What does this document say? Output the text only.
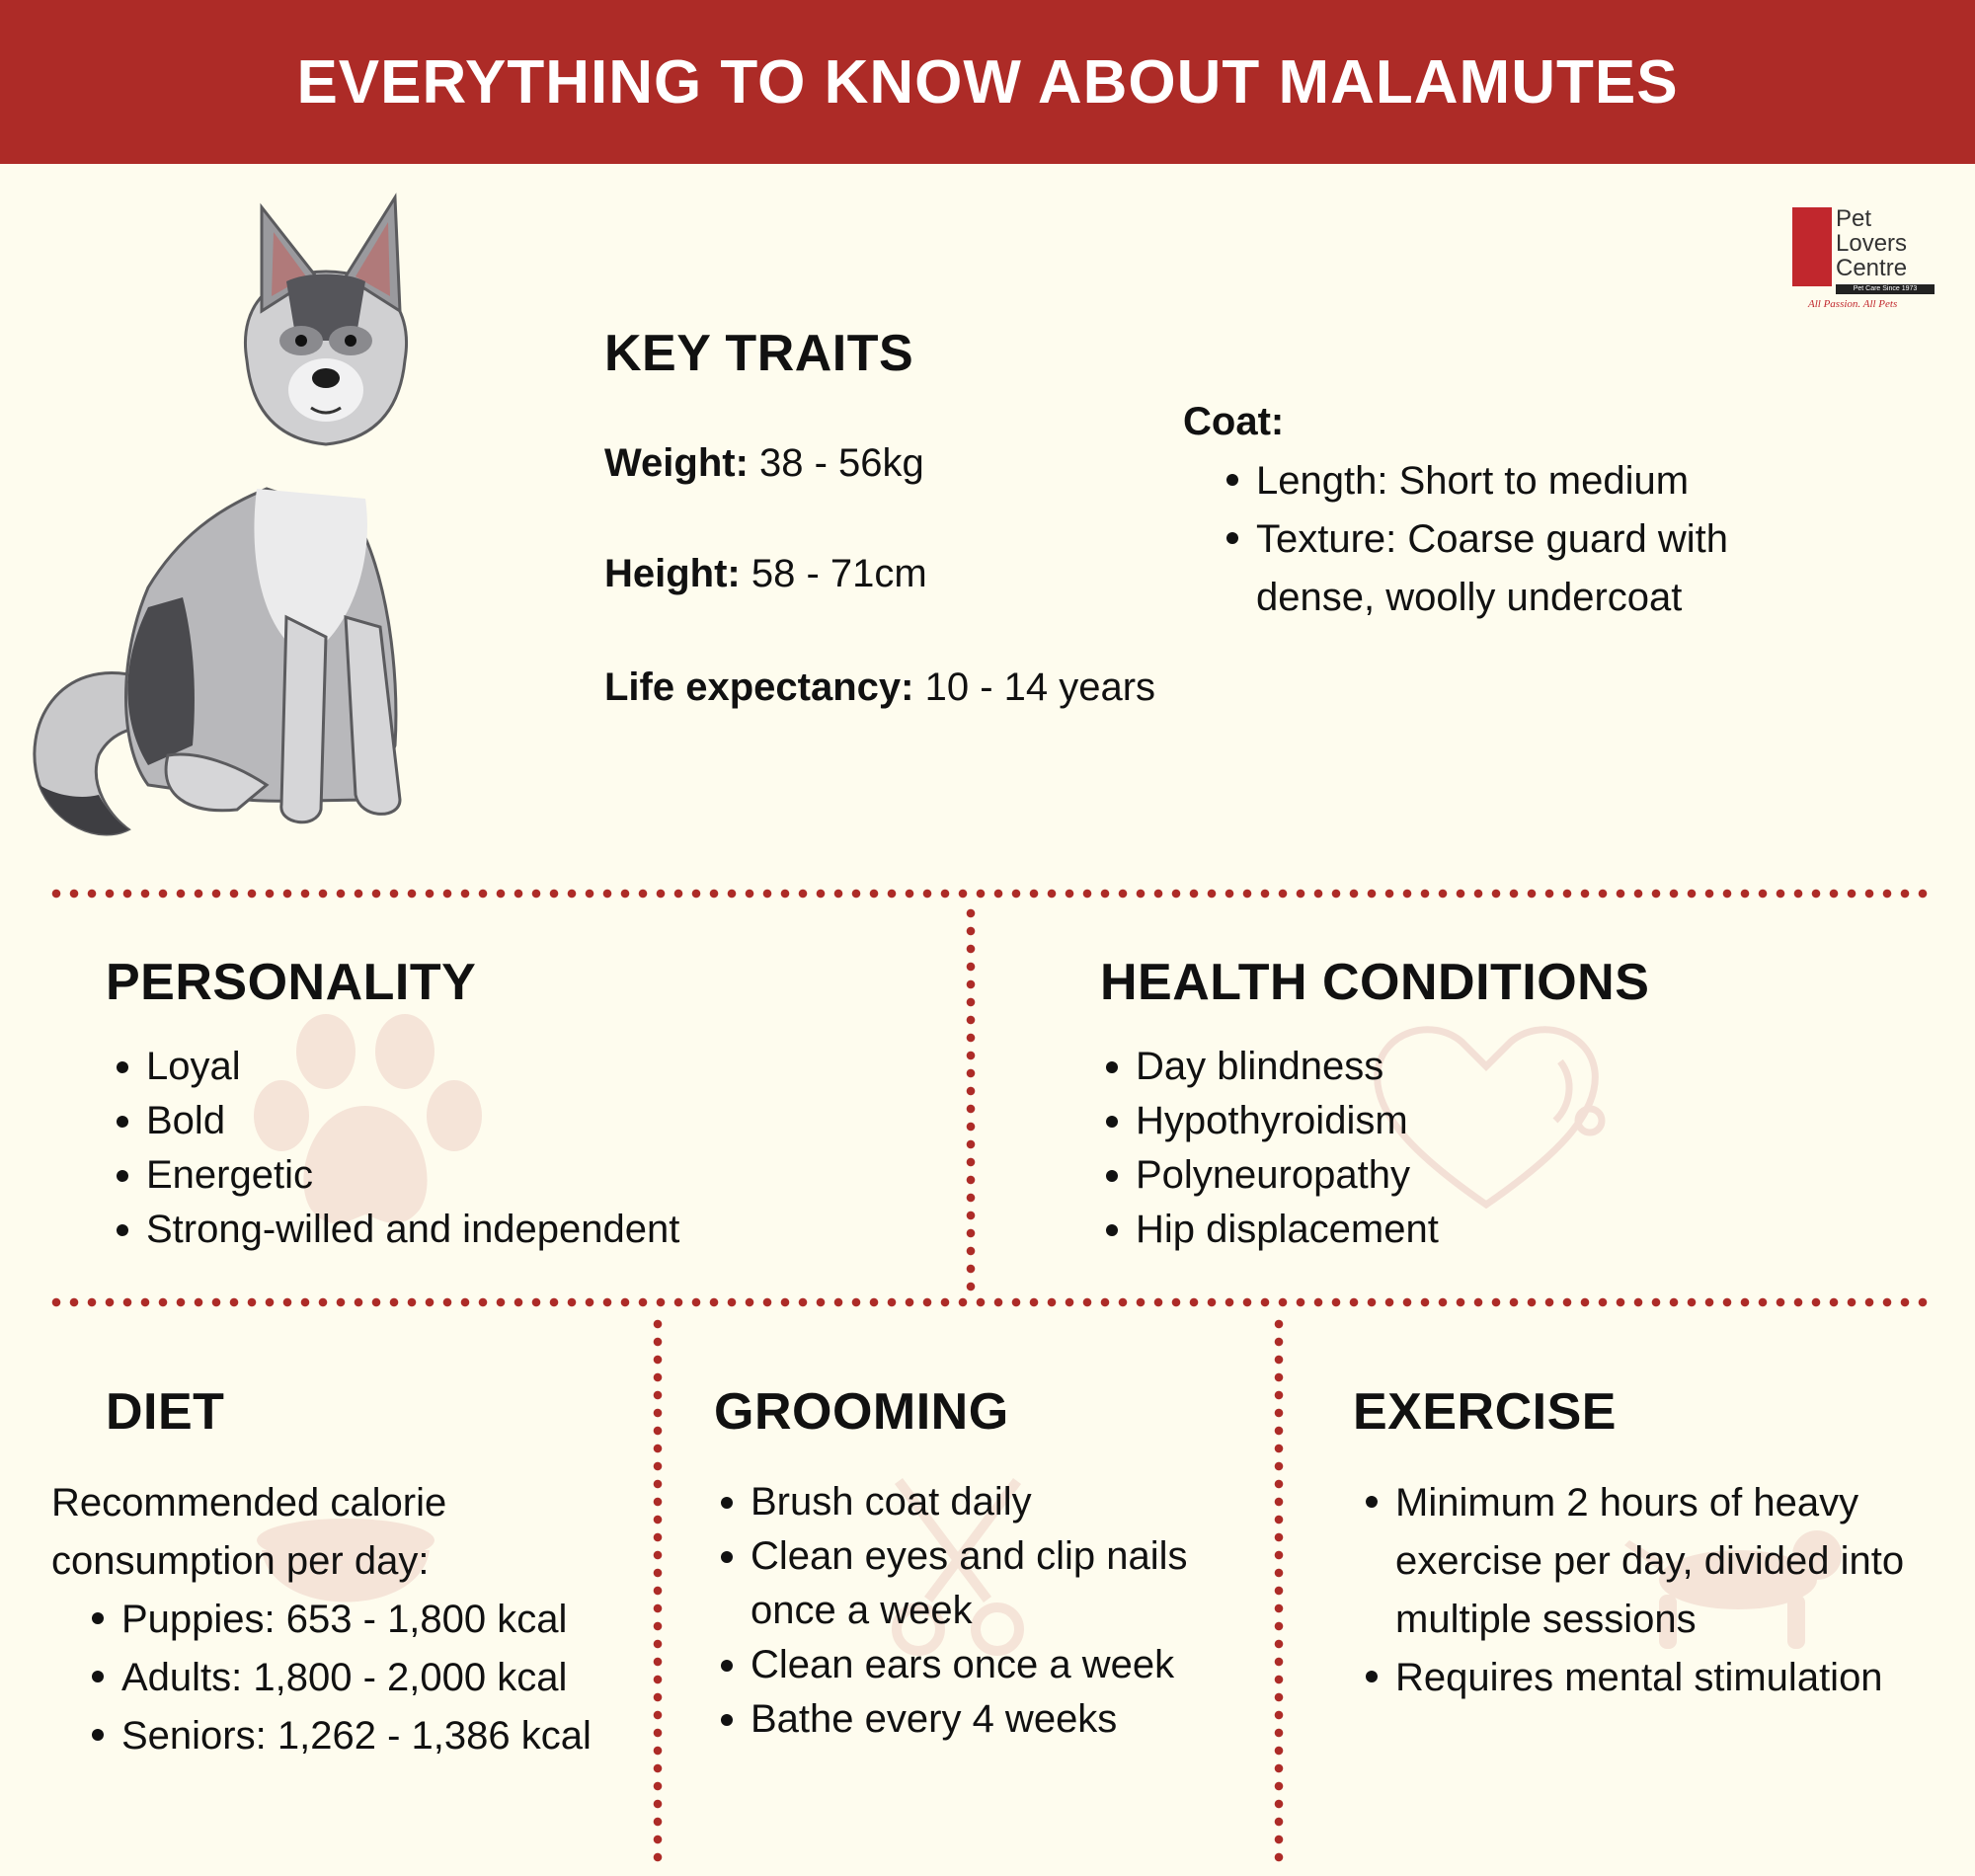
EVERYTHING TO KNOW ABOUT MALAMUTES
Pet
Lovers
Centre
Pet Care Since 1973
All Passion. All Pets
KEY TRAITS
Weight: 38 - 56kg
Height: 58 - 71cm
Life expectancy: 10 - 14 years
Coat:
Length: Short to medium
Texture: Coarse guard with dense, woolly undercoat
PERSONALITY
Loyal
Bold
Energetic
Strong-willed and independent
HEALTH CONDITIONS
Day blindness
Hypothyroidism
Polyneuropathy
Hip displacement
DIET
Recommended calorie consumption per day:
Puppies: 653 - 1,800 kcal
Adults: 1,800 - 2,000 kcal
Seniors: 1,262 - 1,386 kcal
GROOMING
Brush coat daily
Clean eyes and clip nails once a week
Clean ears once a week
Bathe every 4 weeks
EXERCISE
Minimum 2 hours of heavy exercise per day, divided into multiple sessions
Requires mental stimulation
